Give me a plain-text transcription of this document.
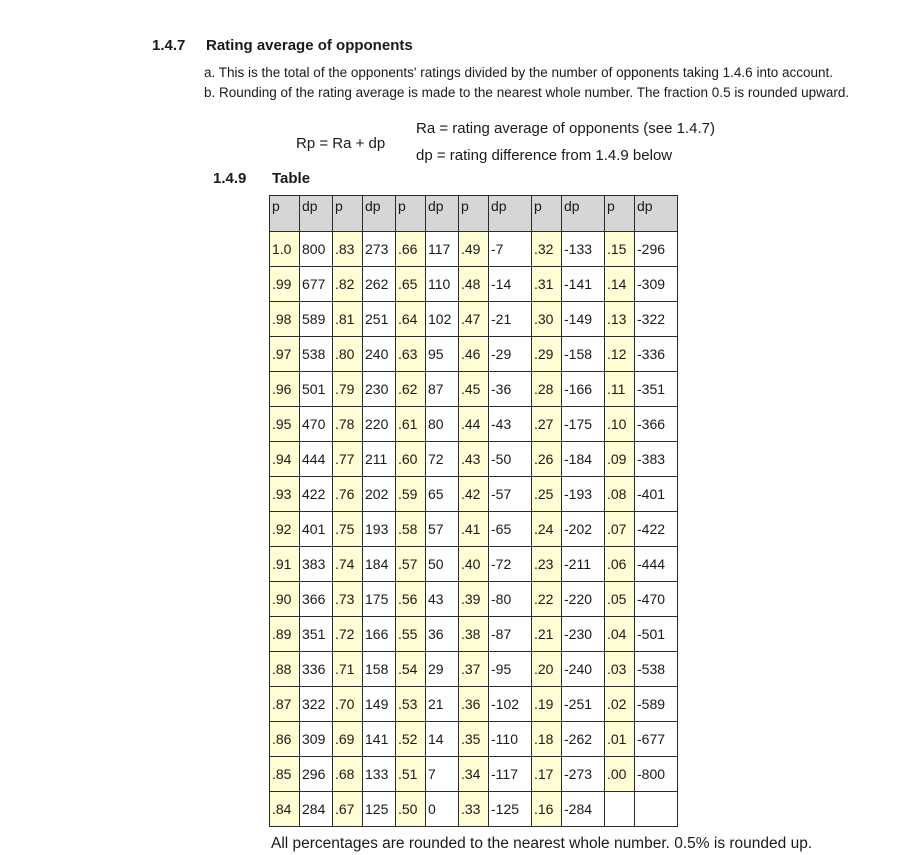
1.4.7 Rating average of opponents
a. This is the total of the opponents' ratings divided by the number of opponents taking 1.4.6 into account.
b. Rounding of the rating average is made to the nearest whole number. The fraction 0.5 is rounded upward.
Rp = Ra + dp
Ra = rating average of opponents (see 1.4.7)
dp = rating difference from 1.4.9 below
1.4.9 Table
p	dp	p	dp	p	dp	p	dp	p	dp	p	dp
1.0	800	.83	273	.66	117	.49	-7	.32	-133	.15	-296
.99	677	.82	262	.65	110	.48	-14	.31	-141	.14	-309
.98	589	.81	251	.64	102	.47	-21	.30	-149	.13	-322
.97	538	.80	240	.63	95	.46	-29	.29	-158	.12	-336
.96	501	.79	230	.62	87	.45	-36	.28	-166	.11	-351
.95	470	.78	220	.61	80	.44	-43	.27	-175	.10	-366
.94	444	.77	211	.60	72	.43	-50	.26	-184	.09	-383
.93	422	.76	202	.59	65	.42	-57	.25	-193	.08	-401
.92	401	.75	193	.58	57	.41	-65	.24	-202	.07	-422
.91	383	.74	184	.57	50	.40	-72	.23	-211	.06	-444
.90	366	.73	175	.56	43	.39	-80	.22	-220	.05	-470
.89	351	.72	166	.55	36	.38	-87	.21	-230	.04	-501
.88	336	.71	158	.54	29	.37	-95	.20	-240	.03	-538
.87	322	.70	149	.53	21	.36	-102	.19	-251	.02	-589
.86	309	.69	141	.52	14	.35	-110	.18	-262	.01	-677
.85	296	.68	133	.51	7	.34	-117	.17	-273	.00	-800
.84	284	.67	125	.50	0	.33	-125	.16	-284		
All percentages are rounded to the nearest whole number. 0.5% is rounded up.
